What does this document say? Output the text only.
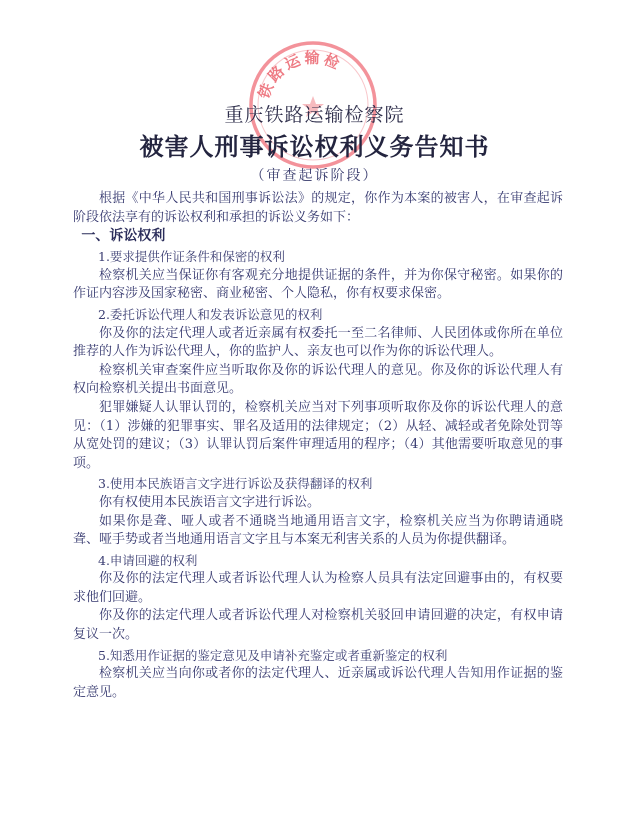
铁路运输检
重庆铁路运输检察院
被害人刑事诉讼权利义务告知书
（审查起诉阶段）

根据《中华人民共和国刑事诉讼法》的规定，你作为本案的被害人，在审查起诉阶段依法享有的诉讼权利和承担的诉讼义务如下：

一、诉讼权利

1.要求提供作证条件和保密的权利

检察机关应当保证你有客观充分地提供证据的条件，并为你保守秘密。如果你的作证内容涉及国家秘密、商业秘密、个人隐私，你有权要求保密。

2.委托诉讼代理人和发表诉讼意见的权利

你及你的法定代理人或者近亲属有权委托一至二名律师、人民团体或你所在单位推荐的人作为诉讼代理人，你的监护人、亲友也可以作为你的诉讼代理人。

检察机关审查案件应当听取你及你的诉讼代理人的意见。你及你的诉讼代理人有权向检察机关提出书面意见。

犯罪嫌疑人认罪认罚的，检察机关应当对下列事项听取你及你的诉讼代理人的意见：（1）涉嫌的犯罪事实、罪名及适用的法律规定；（2）从轻、减轻或者免除处罚等从宽处罚的建议；（3）认罪认罚后案件审理适用的程序；（4）其他需要听取意见的事项。

3.使用本民族语言文字进行诉讼及获得翻译的权利

你有权使用本民族语言文字进行诉讼。

如果你是聋、哑人或者不通晓当地通用语言文字，检察机关应当为你聘请通晓聋、哑手势或者当地通用语言文字且与本案无利害关系的人员为你提供翻译。

4.申请回避的权利

你及你的法定代理人或者诉讼代理人认为检察人员具有法定回避事由的，有权要求他们回避。

你及你的法定代理人或者诉讼代理人对检察机关驳回申请回避的决定，有权申请复议一次。

5.知悉用作证据的鉴定意见及申请补充鉴定或者重新鉴定的权利

检察机关应当向你或者你的法定代理人、近亲属或诉讼代理人告知用作证据的鉴定意见。
